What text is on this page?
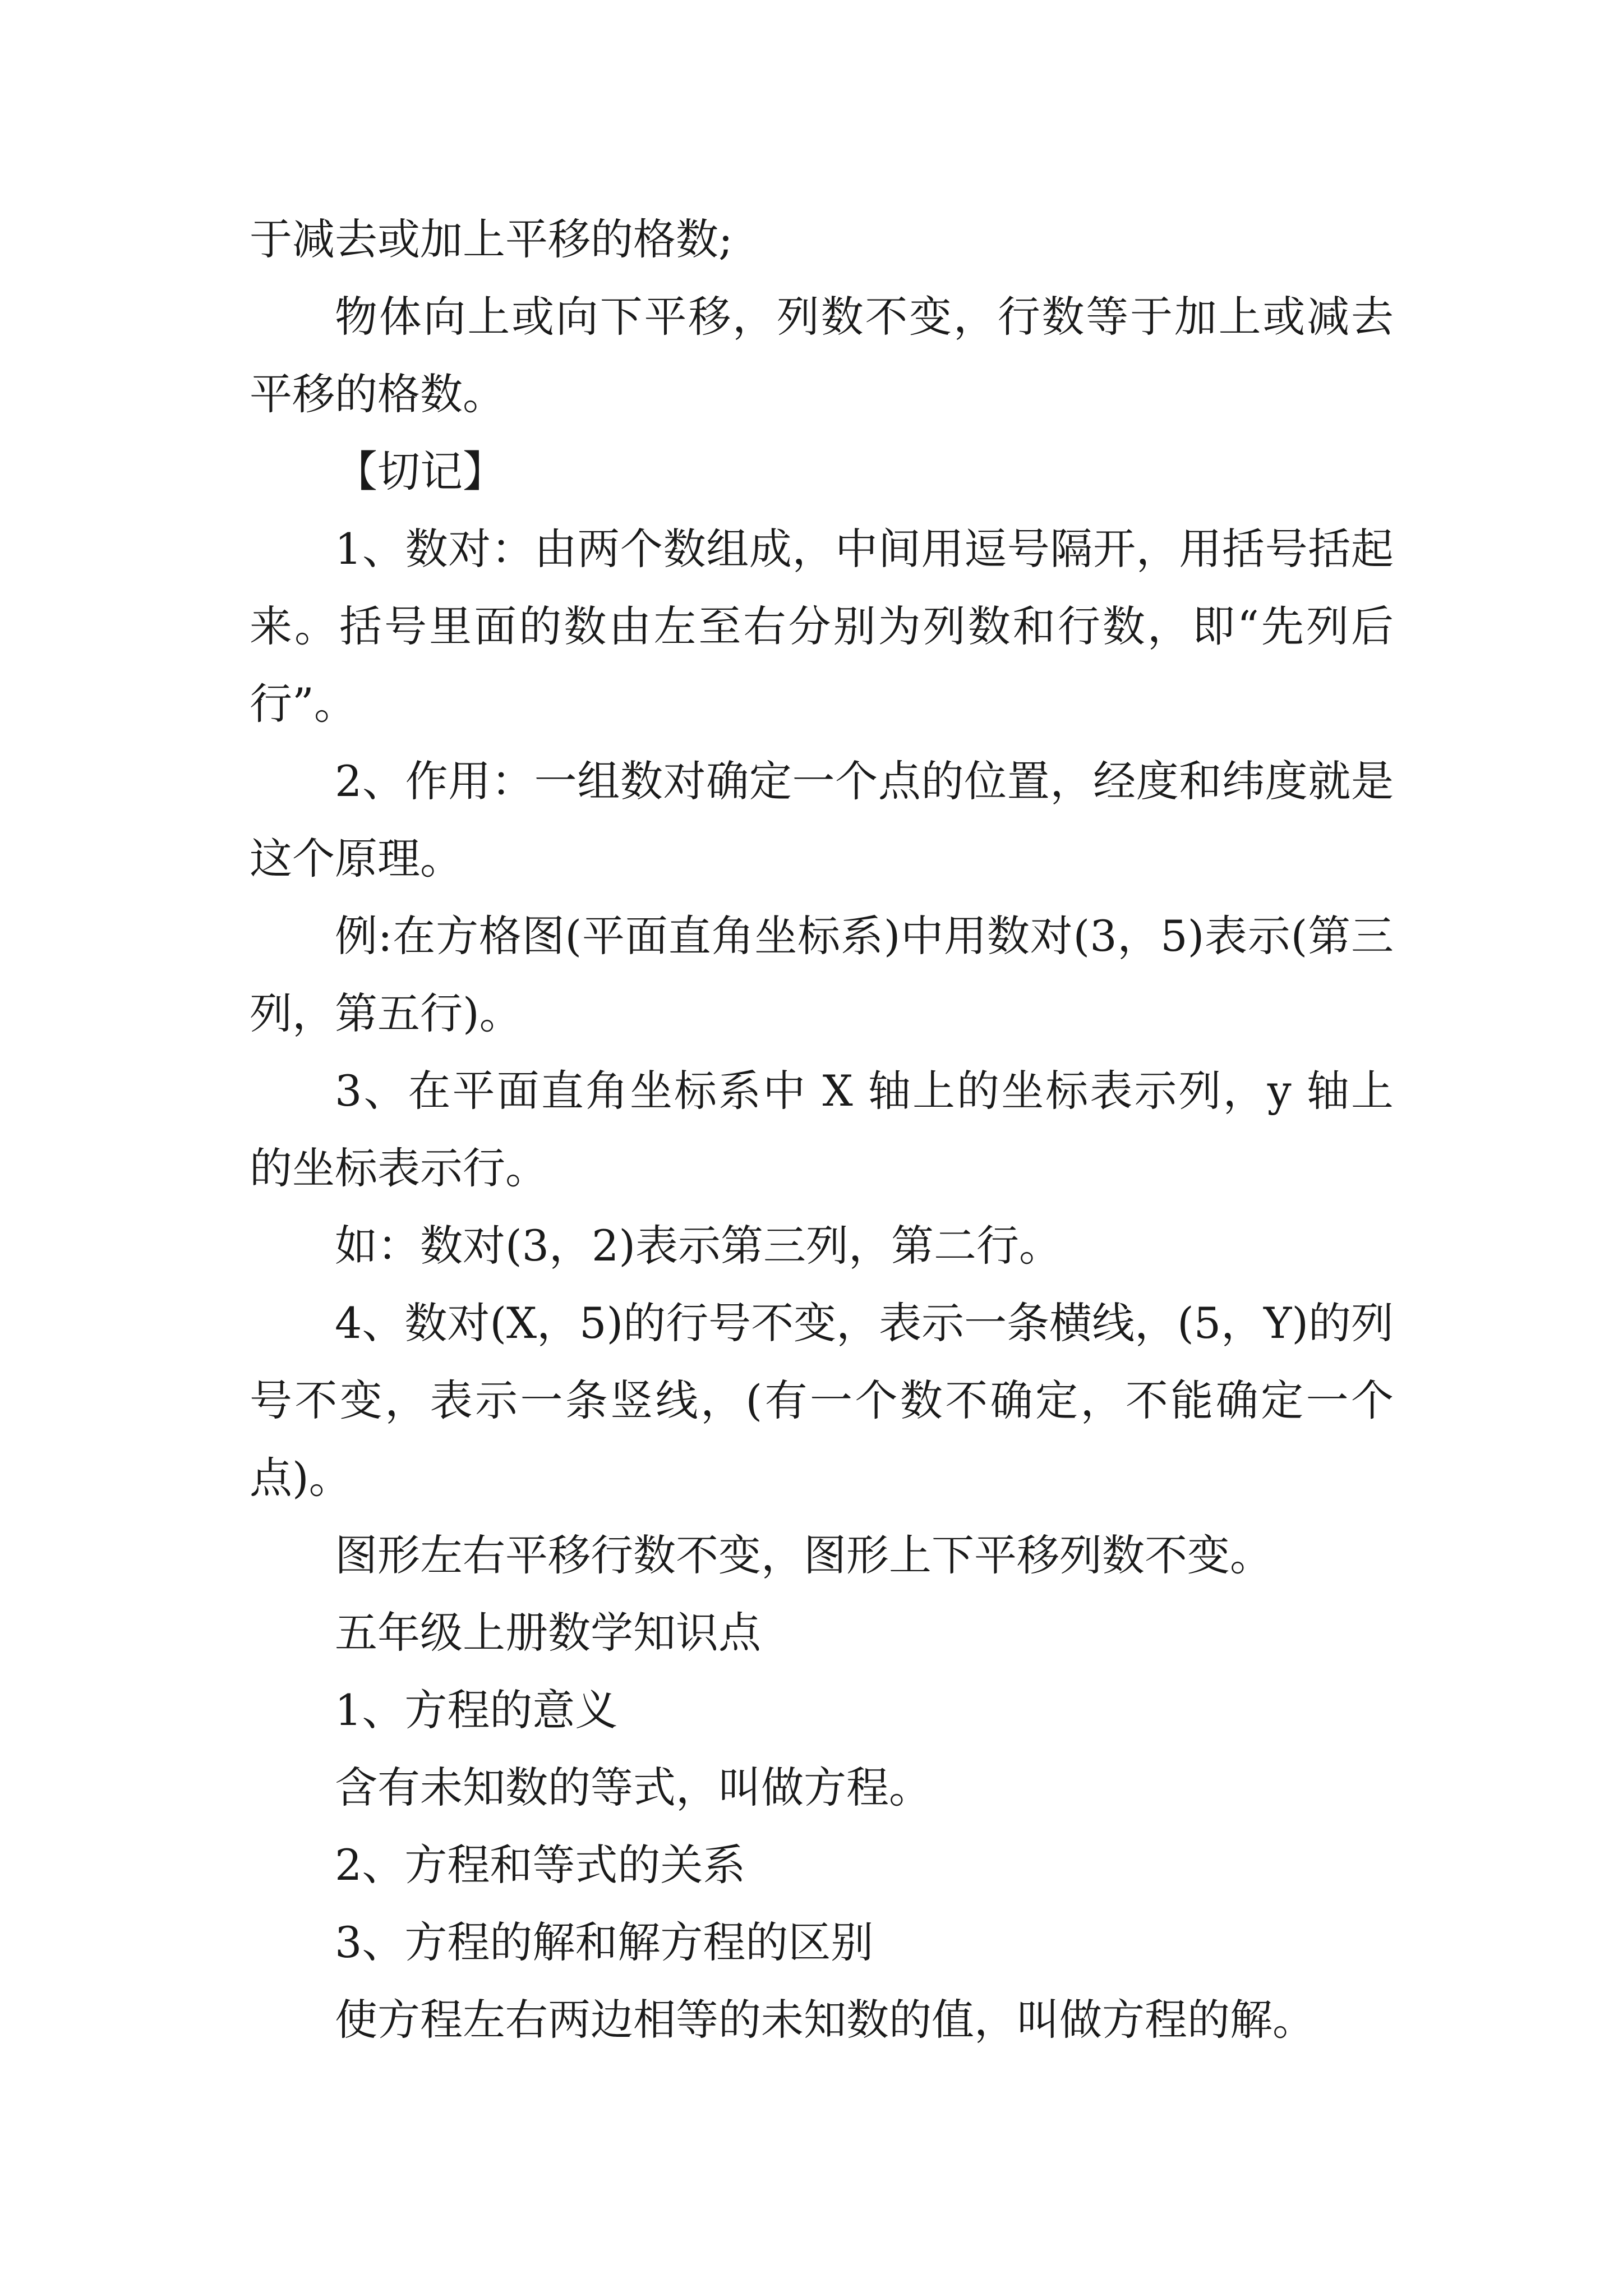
于减去或加上平移的格数;

物体向上或向下平移，列数不变，行数等于加上或减去平移的格数。

【切记】

1、数对：由两个数组成，中间用逗号隔开，用括号括起来。括号里面的数由左至右分别为列数和行数，即“先列后行”。

2、作用：一组数对确定一个点的位置，经度和纬度就是这个原理。

例:在方格图(平面直角坐标系)中用数对(3，5)表示(第三列，第五行)。

3、在平面直角坐标系中 X 轴上的坐标表示列，y 轴上的坐标表示行。

如：数对(3，2)表示第三列，第二行。

4、数对(X，5)的行号不变，表示一条横线，(5，Y)的列号不变，表示一条竖线，(有一个数不确定，不能确定一个点)。

图形左右平移行数不变，图形上下平移列数不变。

五年级上册数学知识点

1、方程的意义

含有未知数的等式，叫做方程。

2、方程和等式的关系

3、方程的解和解方程的区别

使方程左右两边相等的未知数的值，叫做方程的解。
